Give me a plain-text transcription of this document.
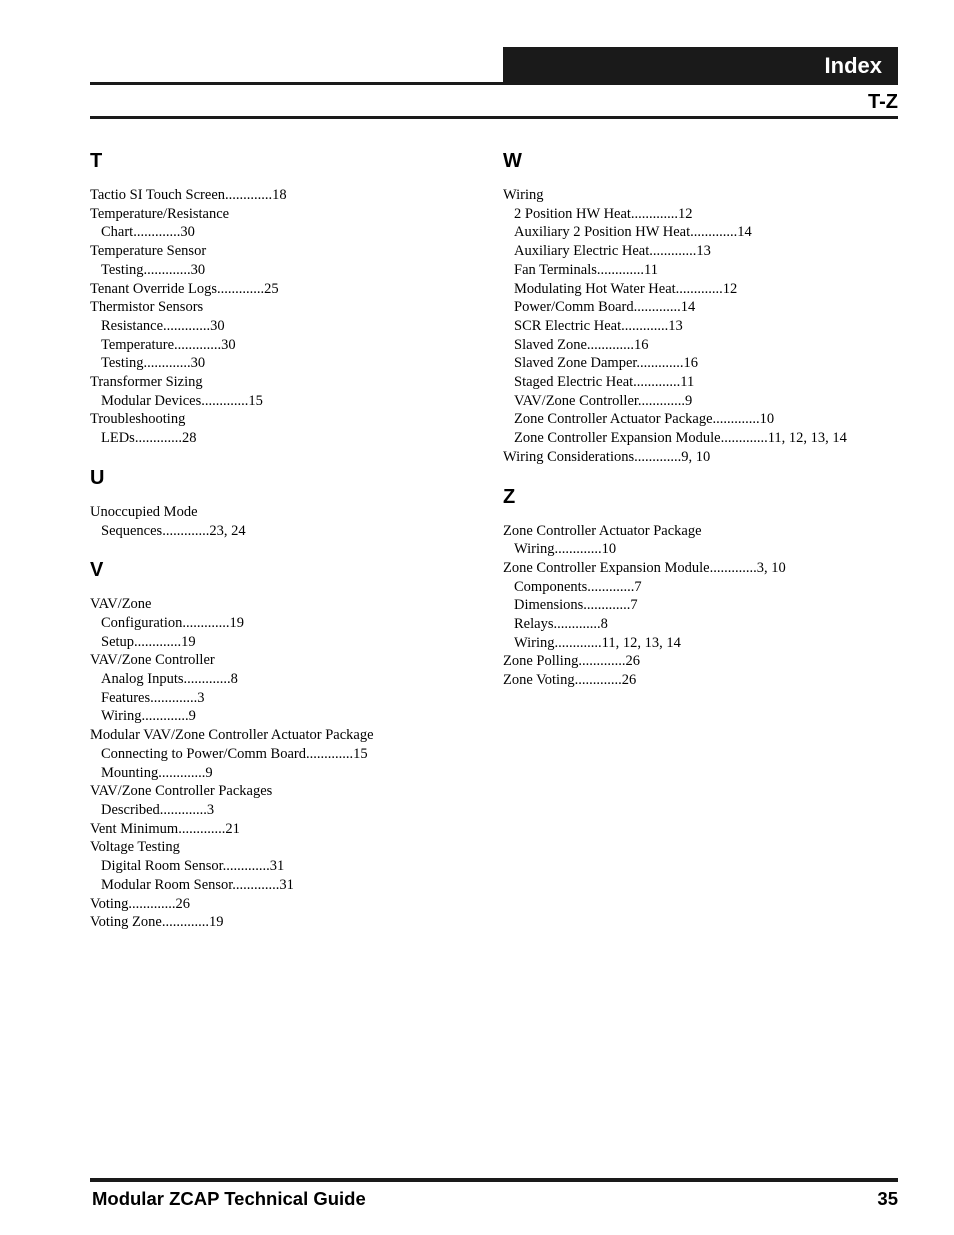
Index
T-Z
T
Tactio SI Touch Screen.............18
Temperature/Resistance
Chart.............30
Temperature Sensor
Testing.............30
Tenant Override Logs.............25
Thermistor Sensors
Resistance.............30
Temperature.............30
Testing.............30
Transformer Sizing
Modular Devices.............15
Troubleshooting
LEDs.............28
U
Unoccupied Mode
Sequences.............23, 24
V
VAV/Zone
Configuration.............19
Setup.............19
VAV/Zone Controller
Analog Inputs.............8
Features.............3
Wiring.............9
Modular VAV/Zone Controller Actuator Package
Connecting to Power/Comm Board.............15
Mounting.............9
VAV/Zone Controller Packages
Described.............3
Vent Minimum.............21
Voltage Testing
Digital Room Sensor.............31
Modular Room Sensor.............31
Voting.............26
Voting Zone.............19
W
Wiring
2 Position HW Heat.............12
Auxiliary 2 Position HW Heat.............14
Auxiliary Electric Heat.............13
Fan Terminals.............11
Modulating Hot Water Heat.............12
Power/Comm Board.............14
SCR Electric Heat.............13
Slaved Zone.............16
Slaved Zone Damper.............16
Staged Electric Heat.............11
VAV/Zone Controller.............9
Zone Controller Actuator Package.............10
Zone Controller Expansion Module.............11, 12, 13, 14
Wiring Considerations.............9, 10
Z
Zone Controller Actuator Package
Wiring.............10
Zone Controller Expansion Module.............3, 10
Components.............7
Dimensions.............7
Relays.............8
Wiring.............11, 12, 13, 14
Zone Polling.............26
Zone Voting.............26
Modular ZCAP Technical Guide	35
